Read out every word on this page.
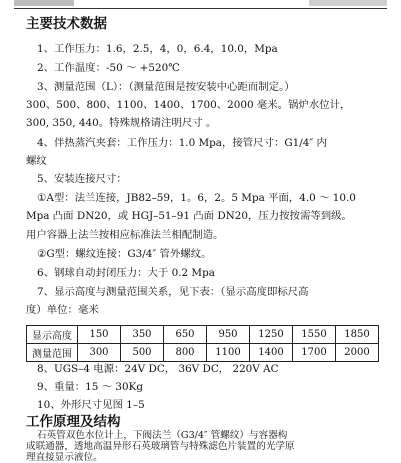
主要技术数据
1、工作压力：1.6，2.5，4，0，6.4，10.0，Mpa
2、工作温度：-50 ～ +520℃
3、测量范围（L）：（测量范围是按安装中心距而制定。）
300、500、800、1100、1400、1700、2000 毫米。锅炉水位计，
300, 350, 440。特殊规格请注明尺寸 。
4、伴热蒸汽夹套：工作压力：1.0 Mpa，接管尺寸：G1/4″ 内
螺纹
5、安装连接尺寸：
①A型：法兰连接，JB82–59，1。6，2。5 Mpa 平面，4.0 ～ 10.0
Mpa 凸面 DN20，或 HGJ–51–91 凸面 DN20，压力按按需等到级。
用户容器上法兰按相应标准法兰相配制造。
②G型：螺纹连接：G3/4″ 管外螺纹。
6、钢球自动封闭压力：大于 0.2 Mpa
7、显示高度与测量范围关系，见下表：（显示高度即标尺高
度）单位：毫米
显示高度	150	350	650	950	1250	1550	1850
测量范围	300	500	800	1100	1400	1700	2000
8、UGS–4 电源：24V DC， 36V DC， 220V AC
9、重量：15 ～ 30Kg
10、外形尺寸见图 1–5
工作原理及结构
石英管双色水位计上，下阀法兰（G3/4″ 管螺纹）与容器构
成联通器，透地高温异形石英玻璃管与特殊滤色片装置的光学原
理直接显示液位。
